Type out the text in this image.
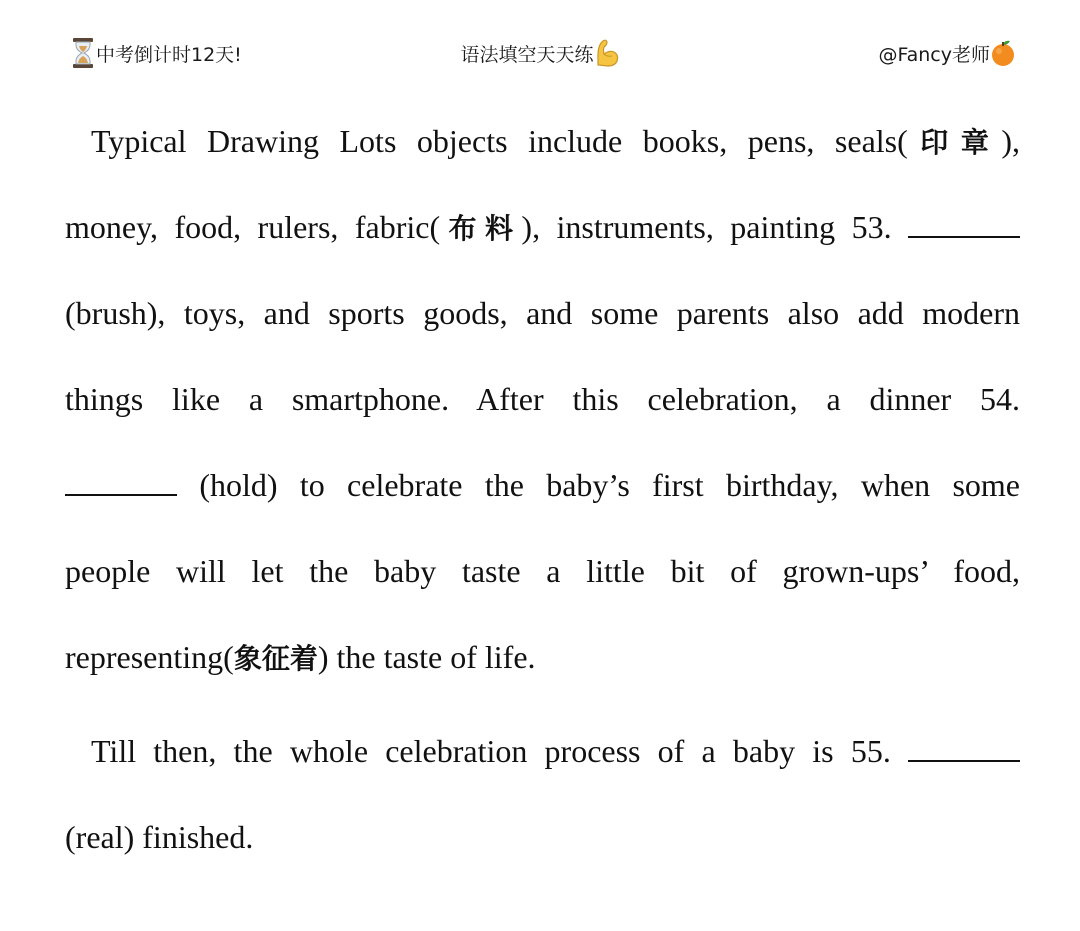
中考倒计时12天!	语法填空天天练	@Fancy老师
Typical Drawing Lots objects include books, pens, seals(印章),
money, food, rulers, fabric(布料), instruments, painting 53.
(brush), toys, and sports goods, and some parents also add modern
things like a smartphone. After this celebration, a dinner 54.
(hold) to celebrate the baby’s first birthday, when some
people will let the baby taste a little bit of grown-ups’ food,
representing(象征着) the taste of life.
Till then, the whole celebration process of a baby is 55.
(real) finished.
